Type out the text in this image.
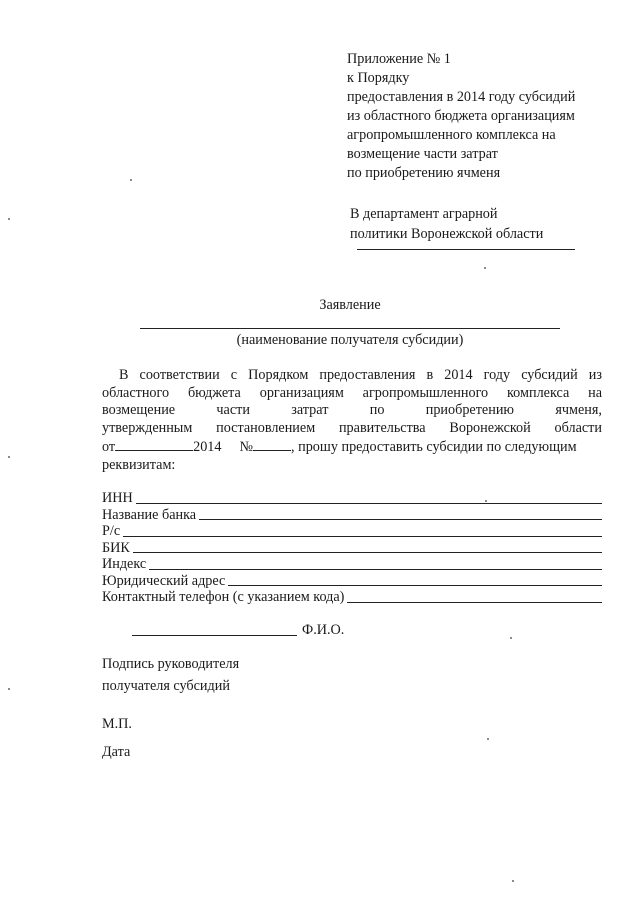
Приложение № 1
к Порядку
предоставления в 2014 году субсидий
из областного бюджета организациям
агропромышленного комплекса на
возмещение части затрат
по приобретению ячменя
В департамент аграрной
политики Воронежской области
Заявление
(наименование получателя субсидии)
В соответствии с Порядком предоставления в 2014 году субсидий из
областного бюджета организациям агропромышленного комплекса на
возмещение	части	затрат	по	приобретению	ячменя,
утвержденным постановлением правительства Воронежской области
от	2014 №	, прошу предоставить субсидии по следующим
реквизитам:
ИНН
Название банка
Р/с
БИК
Индекс
Юридический адрес
Контактный телефон (с указанием кода)
Ф.И.О.
Подпись руководителя
получателя субсидий
М.П.
Дата
